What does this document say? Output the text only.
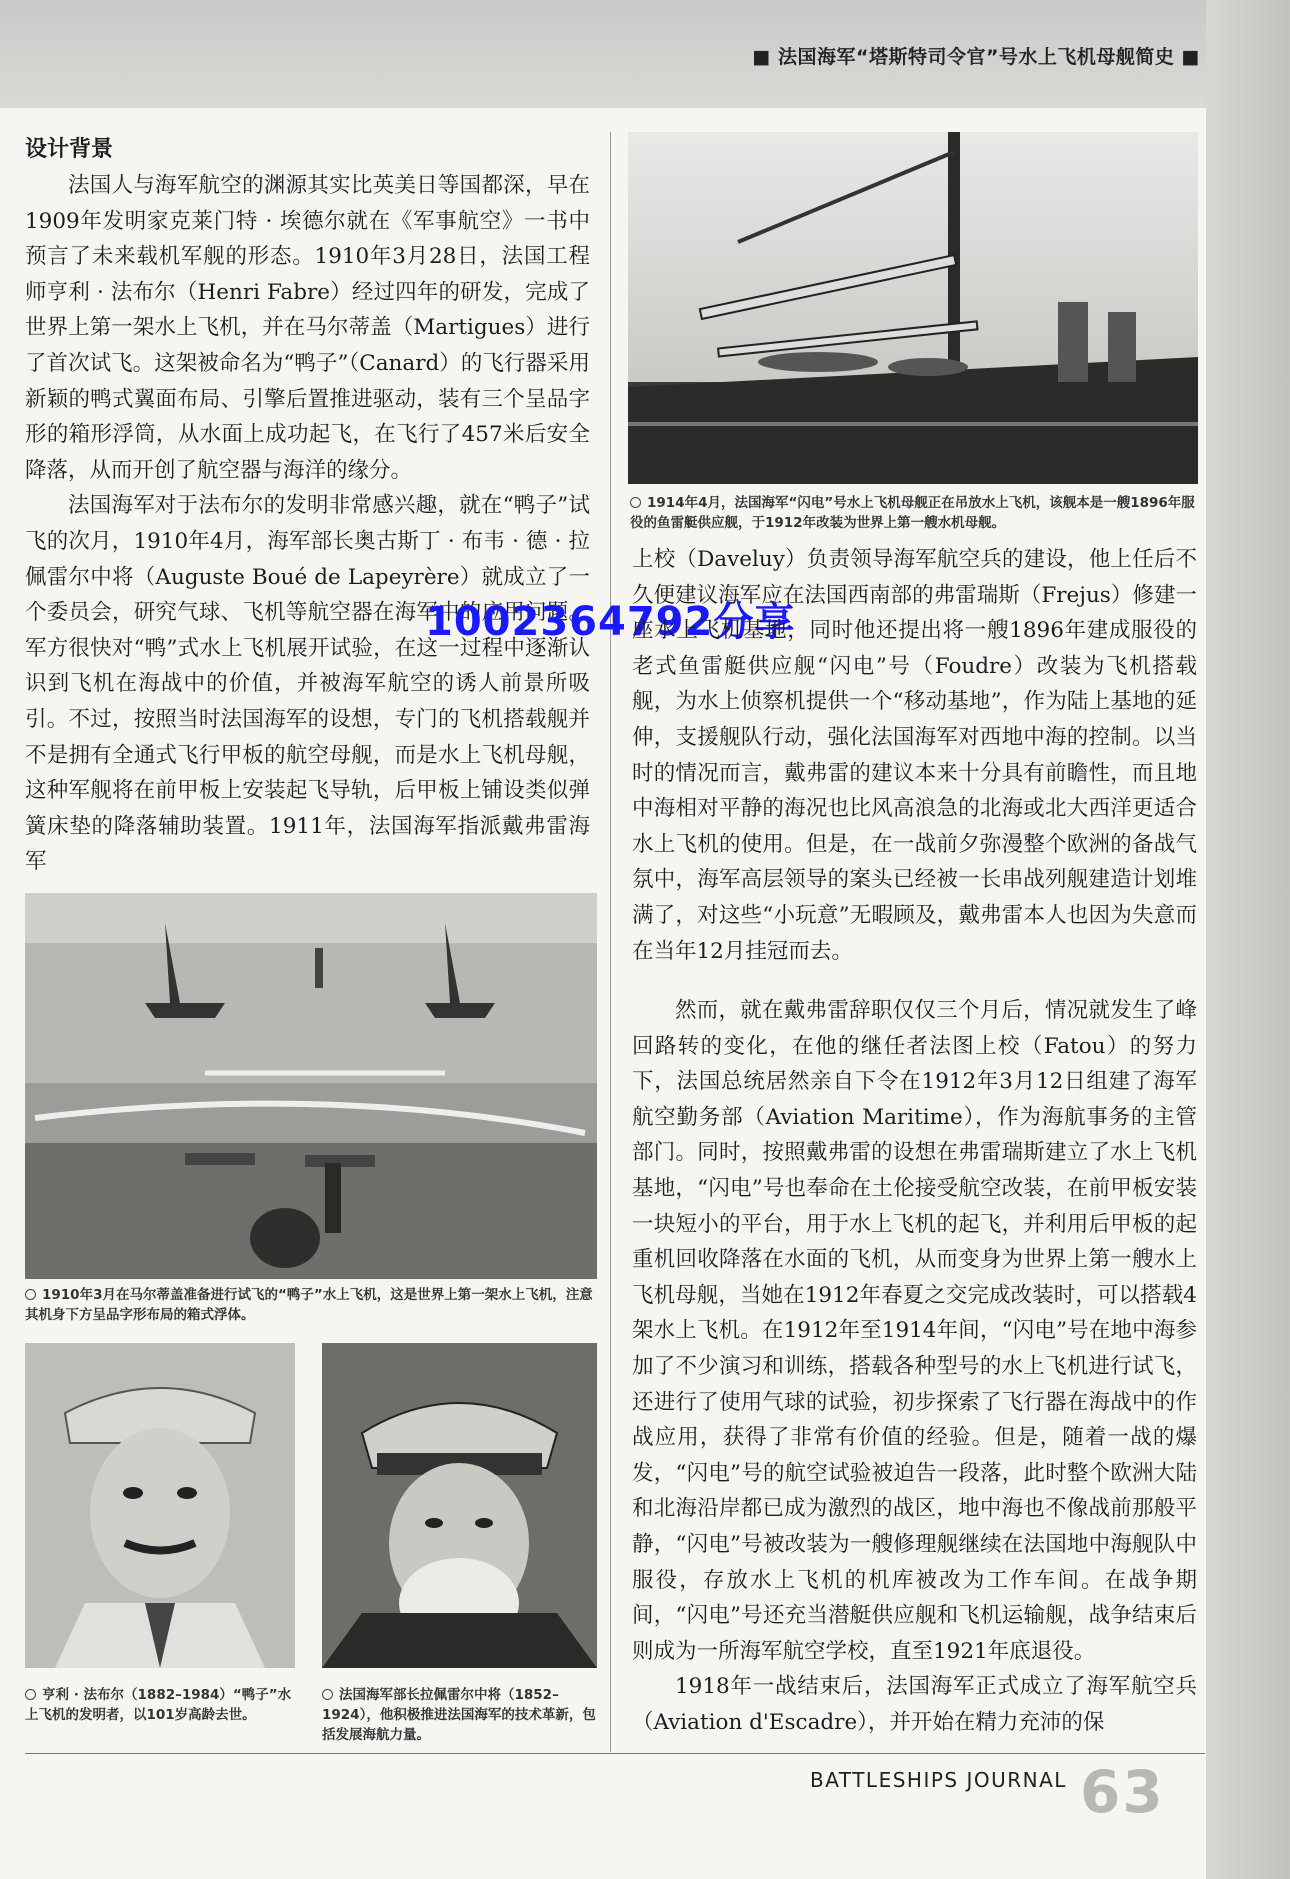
■ 法国海军“塔斯特司令官”号水上飞机母舰简史 ■
设计背景

法国人与海军航空的渊源其实比英美日等国都深，早在1909年发明家克莱门特 · 埃德尔就在《军事航空》一书中预言了未来载机军舰的形态。1910年3月28日，法国工程师亨利 · 法布尔（Henri Fabre）经过四年的研发，完成了世界上第一架水上飞机，并在马尔蒂盖（Martigues）进行了首次试飞。这架被命名为“鸭子”（Canard）的飞行器采用新颖的鸭式翼面布局、引擎后置推进驱动，装有三个呈品字形的箱形浮筒，从水面上成功起飞，在飞行了457米后安全降落，从而开创了航空器与海洋的缘分。

法国海军对于法布尔的发明非常感兴趣，就在“鸭子”试飞的次月，1910年4月，海军部长奥古斯丁 · 布韦 · 德 · 拉佩雷尔中将（Auguste Boué de Lapeyrère）就成立了一个委员会，研究气球、飞机等航空器在海军中的应用问题。军方很快对“鸭”式水上飞机展开试验，在这一过程中逐渐认识到飞机在海战中的价值，并被海军航空的诱人前景所吸引。不过，按照当时法国海军的设想，专门的飞机搭载舰并不是拥有全通式飞行甲板的航空母舰，而是水上飞机母舰，这种军舰将在前甲板上安装起飞导轨，后甲板上铺设类似弹簧床垫的降落辅助装置。1911年，法国海军指派戴弗雷海军

1914年4月，法国海军“闪电”号水上飞机母舰正在吊放水上飞机，该舰本是一艘1896年服役的鱼雷艇供应舰，于1912年改装为世界上第一艘水机母舰。
1002364792分享

上校（Daveluy）负责领导海军航空兵的建设，他上任后不久便建议海军应在法国西南部的弗雷瑞斯（Frejus）修建一座水上飞机基地，同时他还提出将一艘1896年建成服役的老式鱼雷艇供应舰“闪电”号（Foudre）改装为飞机搭载舰，为水上侦察机提供一个“移动基地”，作为陆上基地的延伸，支援舰队行动，强化法国海军对西地中海的控制。以当时的情况而言，戴弗雷的建议本来十分具有前瞻性，而且地中海相对平静的海况也比风高浪急的北海或北大西洋更适合水上飞机的使用。但是，在一战前夕弥漫整个欧洲的备战气氛中，海军高层领导的案头已经被一长串战列舰建造计划堆满了，对这些“小玩意”无暇顾及，戴弗雷本人也因为失意而在当年12月挂冠而去。

然而，就在戴弗雷辞职仅仅三个月后，情况就发生了峰回路转的变化，在他的继任者法图上校（Fatou）的努力下，法国总统居然亲自下令在1912年3月12日组建了海军航空勤务部（Aviation Maritime），作为海航事务的主管部门。同时，按照戴弗雷的设想在弗雷瑞斯建立了水上飞机基地，“闪电”号也奉命在土伦接受航空改装，在前甲板安装一块短小的平台，用于水上飞机的起飞，并利用后甲板的起重机回收降落在水面的飞机，从而变身为世界上第一艘水上飞机母舰，当她在1912年春夏之交完成改装时，可以搭载4架水上飞机。在1912年至1914年间，“闪电”号在地中海参加了不少演习和训练，搭载各种型号的水上飞机进行试飞，还进行了使用气球的试验，初步探索了飞行器在海战中的作战应用，获得了非常有价值的经验。但是，随着一战的爆发，“闪电”号的航空试验被迫告一段落，此时整个欧洲大陆和北海沿岸都已成为激烈的战区，地中海也不像战前那般平静，“闪电”号被改装为一艘修理舰继续在法国地中海舰队中服役，存放水上飞机的机库被改为工作车间。在战争期间，“闪电”号还充当潜艇供应舰和飞机运输舰，战争结束后则成为一所海军航空学校，直至1921年底退役。

1918年一战结束后，法国海军正式成立了海军航空兵（Aviation d'Escadre），并开始在精力充沛的保

1910年3月在马尔蒂盖准备进行试飞的“鸭子”水上飞机，这是世界上第一架水上飞机，注意其机身下方呈品字形布局的箱式浮体。
亨利 · 法布尔（1882–1984）“鸭子”水上飞机的发明者，以101岁高龄去世。
法国海军部长拉佩雷尔中将（1852–1924），他积极推进法国海军的技术革新，包括发展海航力量。
BATTLESHIPS JOURNAL 63
